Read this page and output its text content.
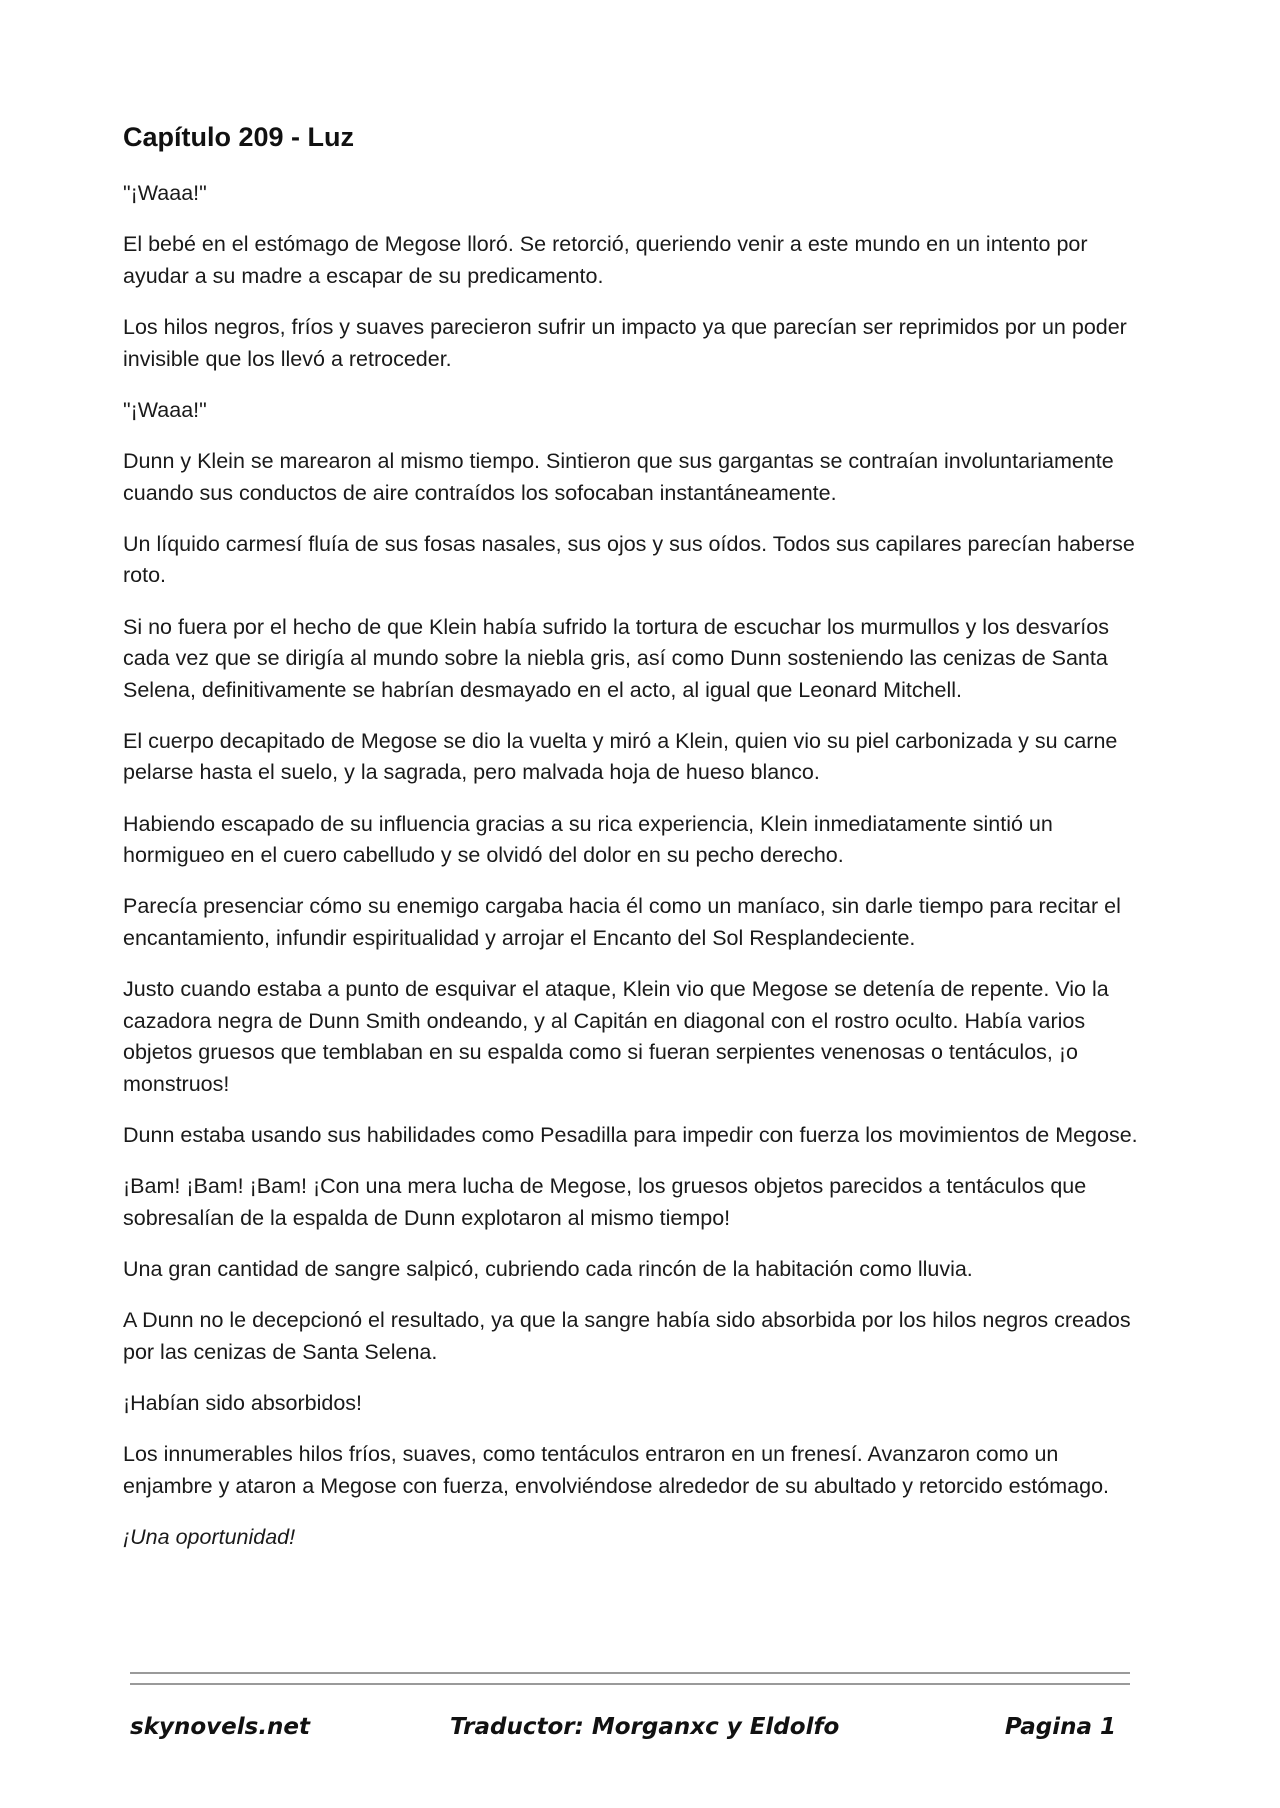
Capítulo 209 - Luz

"¡Waaa!"

El bebé en el estómago de Megose lloró. Se retorció, queriendo venir a este mundo en un intento por ayudar a su madre a escapar de su predicamento.

Los hilos negros, fríos y suaves parecieron sufrir un impacto ya que parecían ser reprimidos por un poder invisible que los llevó a retroceder.

"¡Waaa!"

Dunn y Klein se marearon al mismo tiempo. Sintieron que sus gargantas se contraían involuntariamente cuando sus conductos de aire contraídos los sofocaban instantáneamente.

Un líquido carmesí fluía de sus fosas nasales, sus ojos y sus oídos. Todos sus capilares parecían haberse roto.

Si no fuera por el hecho de que Klein había sufrido la tortura de escuchar los murmullos y los desvaríos cada vez que se dirigía al mundo sobre la niebla gris, así como Dunn sosteniendo las cenizas de Santa Selena, definitivamente se habrían desmayado en el acto, al igual que Leonard Mitchell.

El cuerpo decapitado de Megose se dio la vuelta y miró a Klein, quien vio su piel carbonizada y su carne pelarse hasta el suelo, y la sagrada, pero malvada hoja de hueso blanco.

Habiendo escapado de su influencia gracias a su rica experiencia, Klein inmediatamente sintió un hormigueo en el cuero cabelludo y se olvidó del dolor en su pecho derecho.

Parecía presenciar cómo su enemigo cargaba hacia él como un maníaco, sin darle tiempo para recitar el encantamiento, infundir espiritualidad y arrojar el Encanto del Sol Resplandeciente.

Justo cuando estaba a punto de esquivar el ataque, Klein vio que Megose se detenía de repente. Vio la cazadora negra de Dunn Smith ondeando, y al Capitán en diagonal con el rostro oculto. Había varios objetos gruesos que temblaban en su espalda como si fueran serpientes venenosas o tentáculos, ¡o monstruos!

Dunn estaba usando sus habilidades como Pesadilla para impedir con fuerza los movimientos de Megose.

¡Bam! ¡Bam! ¡Bam! ¡Con una mera lucha de Megose, los gruesos objetos parecidos a tentáculos que sobresalían de la espalda de Dunn explotaron al mismo tiempo!

Una gran cantidad de sangre salpicó, cubriendo cada rincón de la habitación como lluvia.

A Dunn no le decepcionó el resultado, ya que la sangre había sido absorbida por los hilos negros creados por las cenizas de Santa Selena.

¡Habían sido absorbidos!

Los innumerables hilos fríos, suaves, como tentáculos entraron en un frenesí. Avanzaron como un enjambre y ataron a Megose con fuerza, envolviéndose alrededor de su abultado y retorcido estómago.

¡Una oportunidad!

skynovels.net	Traductor: Morganxc y Eldolfo	Pagina 1
